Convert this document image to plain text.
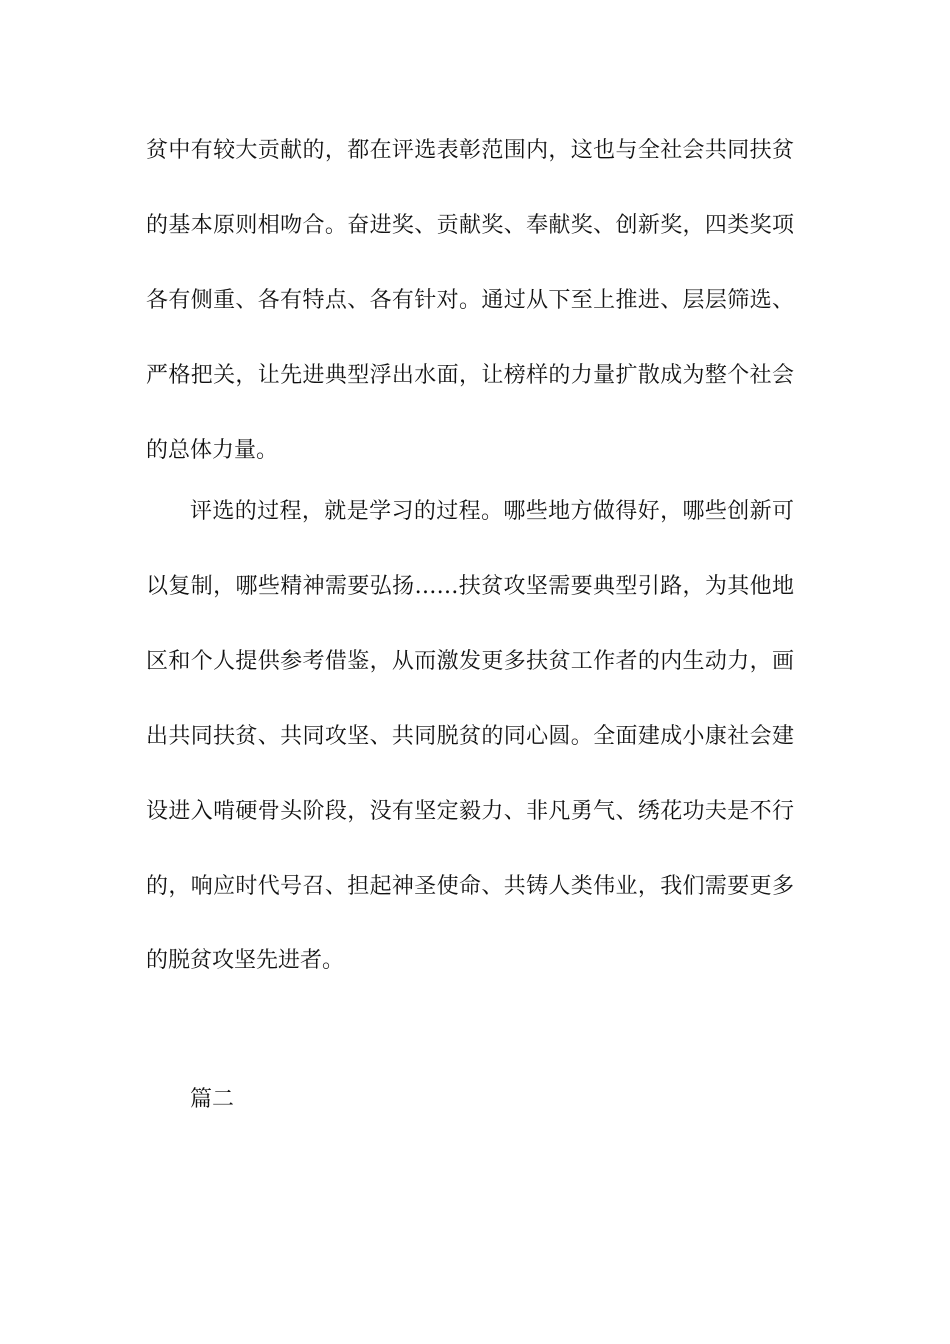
贫中有较大贡献的，都在评选表彰范围内，这也与全社会共同扶贫
的基本原则相吻合。奋进奖、贡献奖、奉献奖、创新奖，四类奖项
各有侧重、各有特点、各有针对。通过从下至上推进、层层筛选、
严格把关，让先进典型浮出水面，让榜样的力量扩散成为整个社会
的总体力量。
评选的过程，就是学习的过程。哪些地方做得好，哪些创新可
以复制，哪些精神需要弘扬……扶贫攻坚需要典型引路，为其他地
区和个人提供参考借鉴，从而激发更多扶贫工作者的内生动力，画
出共同扶贫、共同攻坚、共同脱贫的同心圆。全面建成小康社会建
设进入啃硬骨头阶段，没有坚定毅力、非凡勇气、绣花功夫是不行
的，响应时代号召、担起神圣使命、共铸人类伟业，我们需要更多
的脱贫攻坚先进者。
篇二
